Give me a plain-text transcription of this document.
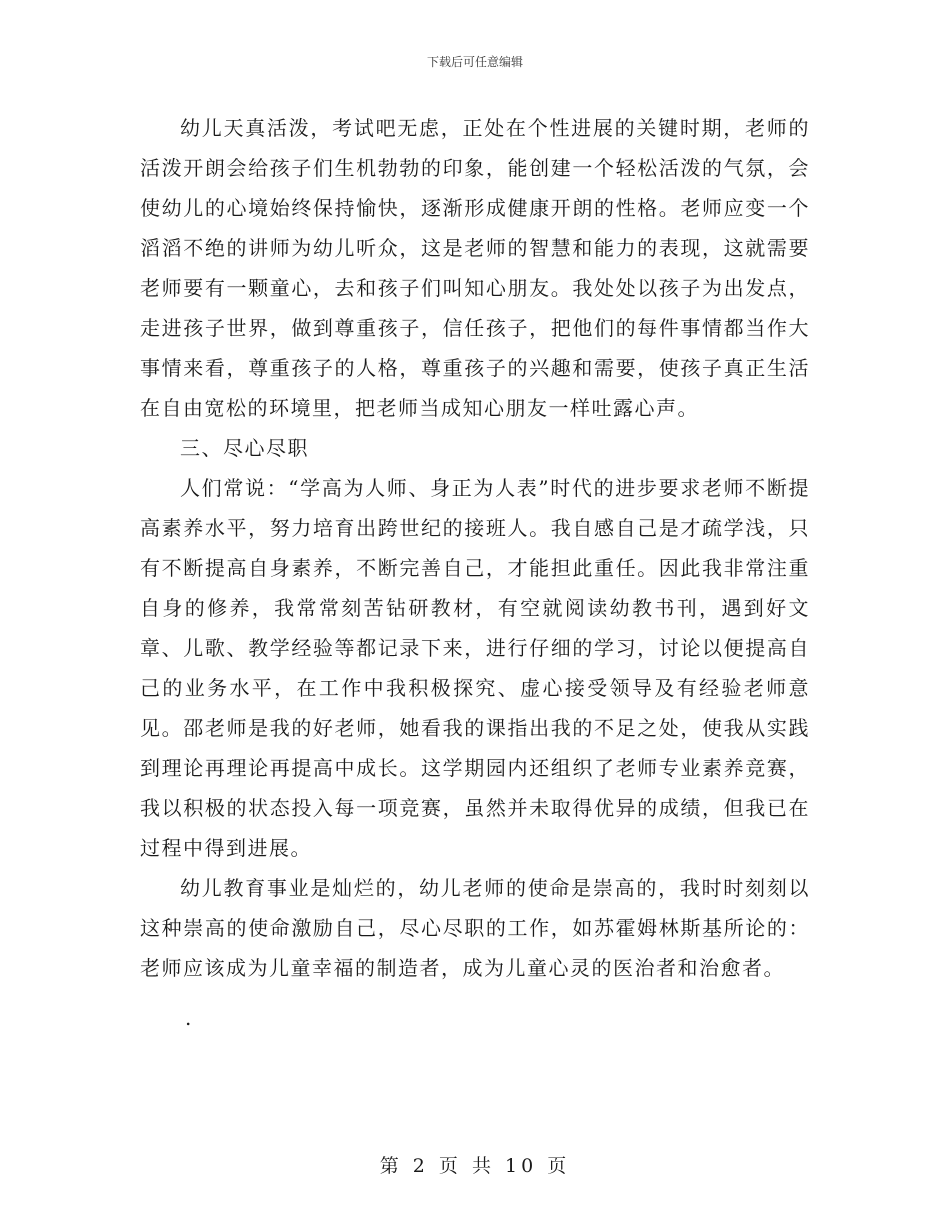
下载后可任意编辑

幼儿天真活泼，考试吧无虑，正处在个性进展的关键时期，老师的活泼开朗会给孩子们生机勃勃的印象，能创建一个轻松活泼的气氛，会使幼儿的心境始终保持愉快，逐渐形成健康开朗的性格。老师应变一个滔滔不绝的讲师为幼儿听众，这是老师的智慧和能力的表现，这就需要老师要有一颗童心，去和孩子们叫知心朋友。我处处以孩子为出发点，走进孩子世界，做到尊重孩子，信任孩子，把他们的每件事情都当作大事情来看，尊重孩子的人格，尊重孩子的兴趣和需要，使孩子真正生活在自由宽松的环境里，把老师当成知心朋友一样吐露心声。

三、尽心尽职

人们常说：“学高为人师、身正为人表”时代的进步要求老师不断提高素养水平，努力培育出跨世纪的接班人。我自感自己是才疏学浅，只有不断提高自身素养，不断完善自己，才能担此重任。因此我非常注重自身的修养，我常常刻苦钻研教材，有空就阅读幼教书刊，遇到好文章、儿歌、教学经验等都记录下来，进行仔细的学习，讨论以便提高自己的业务水平，在工作中我积极探究、虚心接受领导及有经验老师意见。邵老师是我的好老师，她看我的课指出我的不足之处，使我从实践到理论再理论再提高中成长。这学期园内还组织了老师专业素养竞赛，我以积极的状态投入每一项竞赛，虽然并未取得优异的成绩，但我已在过程中得到进展。

幼儿教育事业是灿烂的，幼儿老师的使命是崇高的，我时时刻刻以这种崇高的使命激励自己，尽心尽职的工作，如苏霍姆林斯基所论的：老师应该成为儿童幸福的制造者，成为儿童心灵的医治者和治愈者。

.
第 2 页 共 10 页
